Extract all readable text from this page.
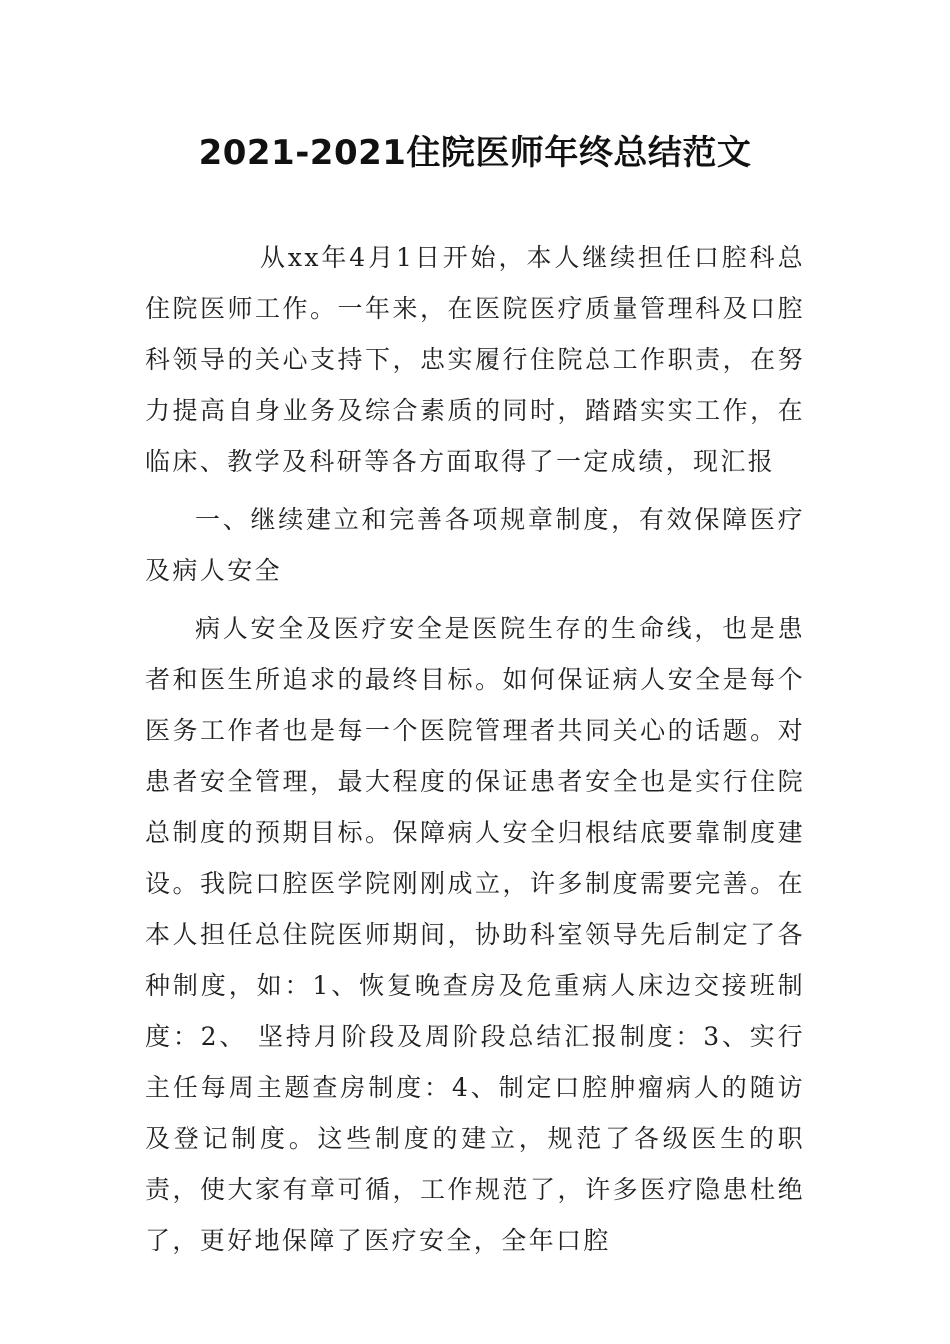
2021-2021住院医师年终总结范文

从xx年4月1日开始，本人继续担任口腔科总住院医师工作。一年来，在医院医疗质量管理科及口腔科领导的关心支持下，忠实履行住院总工作职责，在努力提高自身业务及综合素质的同时，踏踏实实工作，在临床、教学及科研等各方面取得了一定成绩，现汇报

一、继续建立和完善各项规章制度，有效保障医疗及病人安全

病人安全及医疗安全是医院生存的生命线，也是患者和医生所追求的最终目标。如何保证病人安全是每个医务工作者也是每一个医院管理者共同关心的话题。对患者安全管理，最大程度的保证患者安全也是实行住院总制度的预期目标。保障病人安全归根结底要靠制度建设。我院口腔医学院刚刚成立，许多制度需要完善。在本人担任总住院医师期间，协助科室领导先后制定了各种制度，如：1、恢复晚查房及危重病人床边交接班制度：2、 坚持月阶段及周阶段总结汇报制度：3、实行主任每周主题查房制度：4、制定口腔肿瘤病人的随访及登记制度。这些制度的建立，规范了各级医生的职责，使大家有章可循，工作规范了，许多医疗隐患杜绝了，更好地保障了医疗安全，全年口腔
